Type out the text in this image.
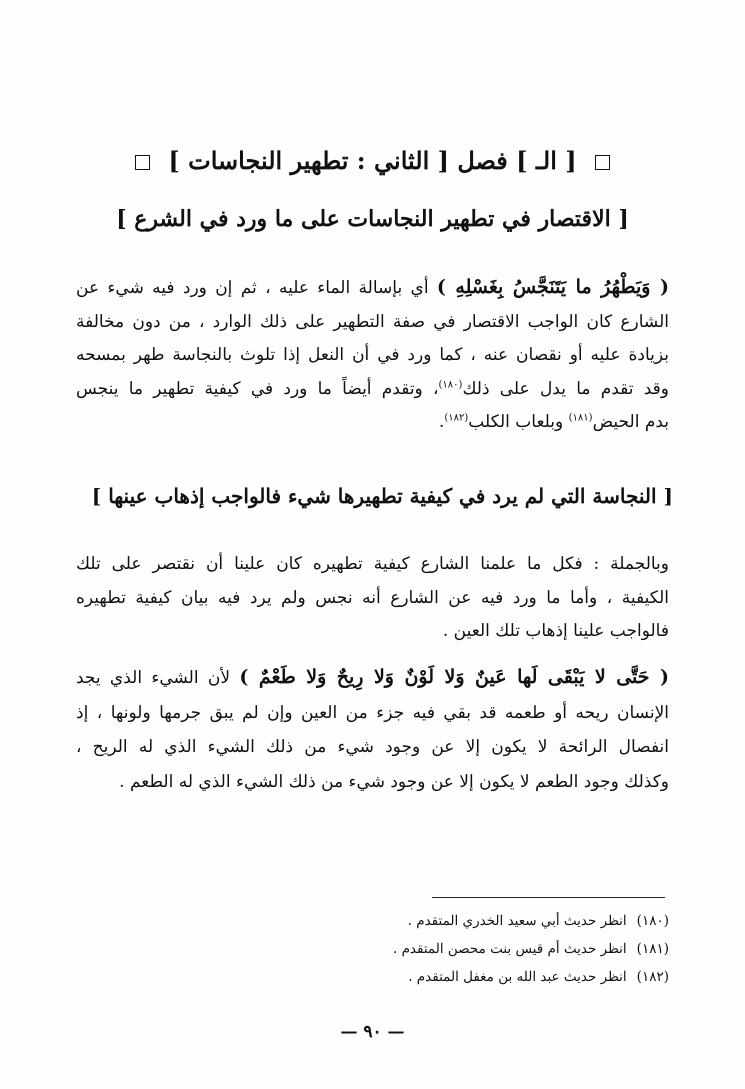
[ الـ ] فصل [ الثاني : تطهير النجاسات ]
[ الاقتصار في تطهير النجاسات على ما ورد في الشرع ]
( وَيَطْهُرُ ما يَتَنَجَّسُ بِغَسْلِهِ ) أي بإسالة الماء عليه ، ثم إن ورد فيه شيء عن
الشارع كان الواجب الاقتصار في صفة التطهير على ذلك الوارد ، من دون مخالفة
بزيادة عليه أو نقصان عنه ، كما ورد في أن النعل إذا تلوث بالنجاسة طهر بمسحه
وقد تقدم ما يدل على ذلك$^{(١٨٠)}$، وتقدم أيضاً ما ورد في كيفية تطهير ما ينجس
بدم الحيض$^{(١٨١)}$ وبلعاب الكلب$^{(١٨٢)}$.
[ النجاسة التي لم يرد في كيفية تطهيرها شيء فالواجب إذهاب عينها ]
وبالجملة : فكل ما علمنا الشارع كيفية تطهيره كان علينا أن نقتصر على تلك
الكيفية ، وأما ما ورد فيه عن الشارع أنه نجس ولم يرد فيه بيان كيفية تطهيره
فالواجب علينا إذهاب تلك العين .
( حَتَّى لا يَبْقَى لَها عَينٌ وَلا لَوْنٌ وَلا رِيحٌ وَلا طَعْمٌ ) لأن الشيء الذي يجد
الإنسان ريحه أو طعمه قد بقي فيه جزء من العين وإن لم يبق جرمها ولونها ، إذ
انفصال الرائحة لا يكون إلا عن وجود شيء من ذلك الشيء الذي له الريح ،
وكذلك وجود الطعم لا يكون إلا عن وجود شيء من ذلك الشيء الذي له الطعم .
(١٨٠)انظر حديث أبي سعيد الخدري المتقدم .
(١٨١)انظر حديث أم قيس بنت محصن المتقدم .
(١٨٢)انظر حديث عبد الله بن مغفل المتقدم .
— ٩٠ —
